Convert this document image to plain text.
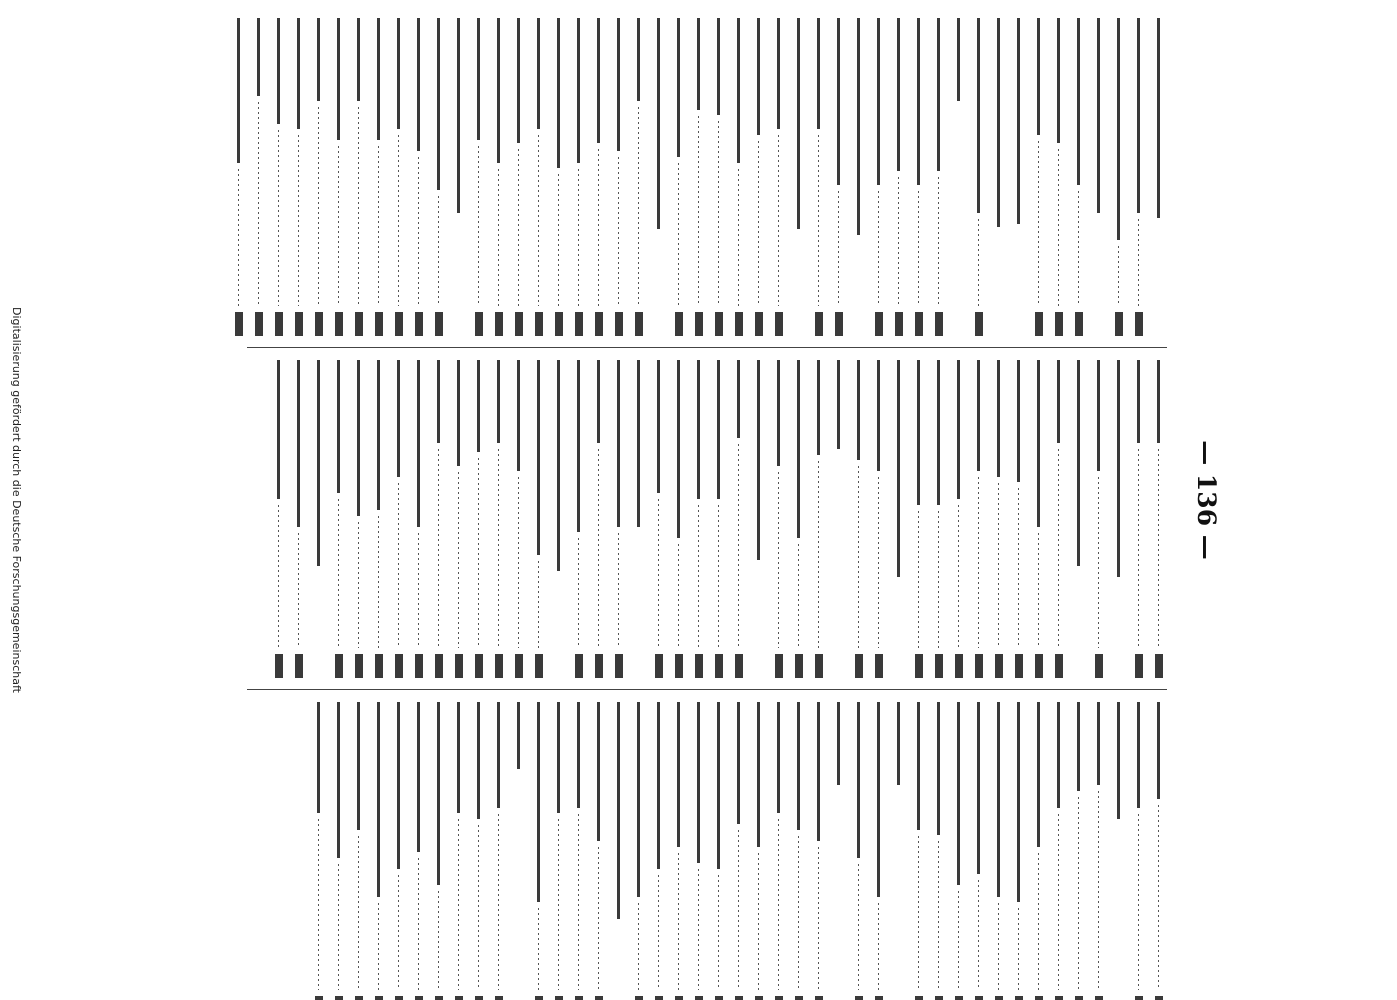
Digitalisierung gefördert durch die Deutsche Forschungsgemeinschaft	— 136 —
